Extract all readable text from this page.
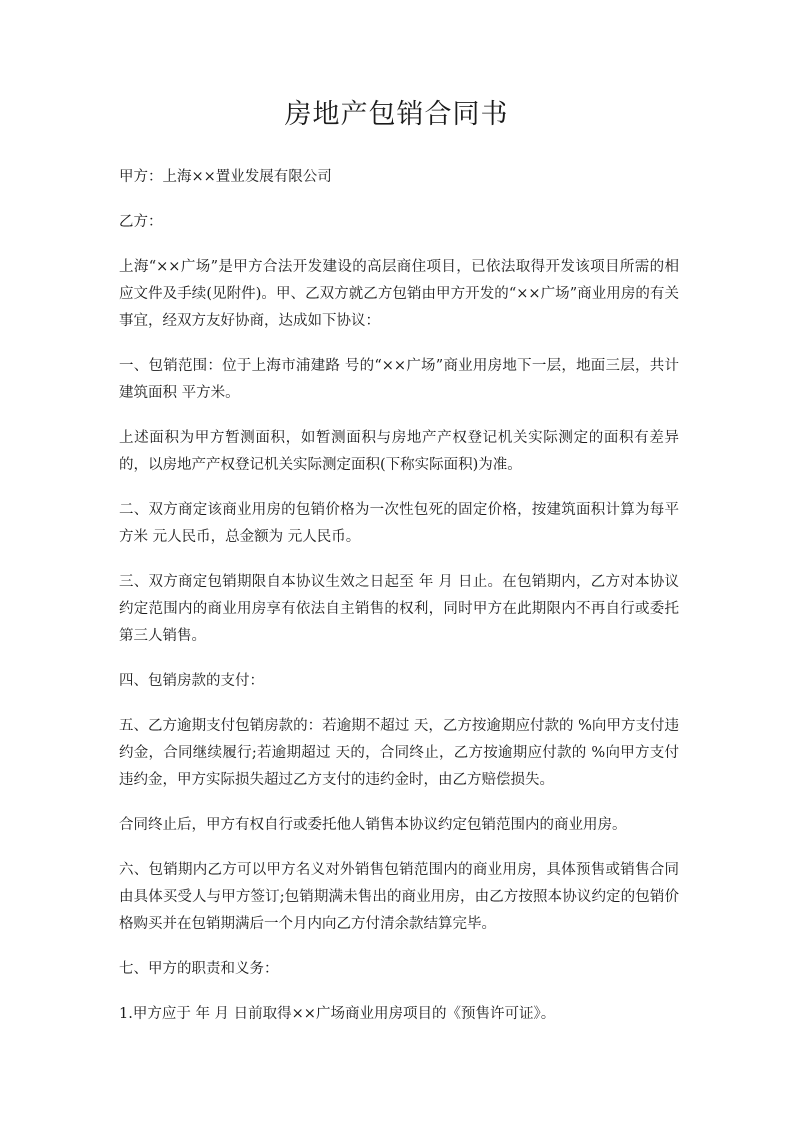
房地产包销合同书

甲方：上海××置业发展有限公司

乙方：

上海“××广场”是甲方合法开发建设的高层商住项目，已依法取得开发该项目所需的相应文件及手续(见附件)。甲、乙双方就乙方包销由甲方开发的“××广场”商业用房的有关事宜，经双方友好协商，达成如下协议：

一、包销范围：位于上海市浦建路 号的“××广场”商业用房地下一层，地面三层，共计建筑面积 平方米。

上述面积为甲方暂测面积，如暂测面积与房地产产权登记机关实际测定的面积有差异的，以房地产产权登记机关实际测定面积(下称实际面积)为准。

二、双方商定该商业用房的包销价格为一次性包死的固定价格，按建筑面积计算为每平方米 元人民币，总金额为 元人民币。

三、双方商定包销期限自本协议生效之日起至 年 月 日止。在包销期内，乙方对本协议约定范围内的商业用房享有依法自主销售的权利，同时甲方在此期限内不再自行或委托第三人销售。

四、包销房款的支付：

五、乙方逾期支付包销房款的：若逾期不超过 天，乙方按逾期应付款的 %向甲方支付违约金，合同继续履行;若逾期超过 天的，合同终止，乙方按逾期应付款的 %向甲方支付违约金，甲方实际损失超过乙方支付的违约金时，由乙方赔偿损失。

合同终止后，甲方有权自行或委托他人销售本协议约定包销范围内的商业用房。

六、包销期内乙方可以甲方名义对外销售包销范围内的商业用房，具体预售或销售合同由具体买受人与甲方签订;包销期满未售出的商业用房，由乙方按照本协议约定的包销价格购买并在包销期满后一个月内向乙方付清余款结算完毕。

七、甲方的职责和义务：

1.甲方应于 年 月 日前取得××广场商业用房项目的《预售许可证》。
